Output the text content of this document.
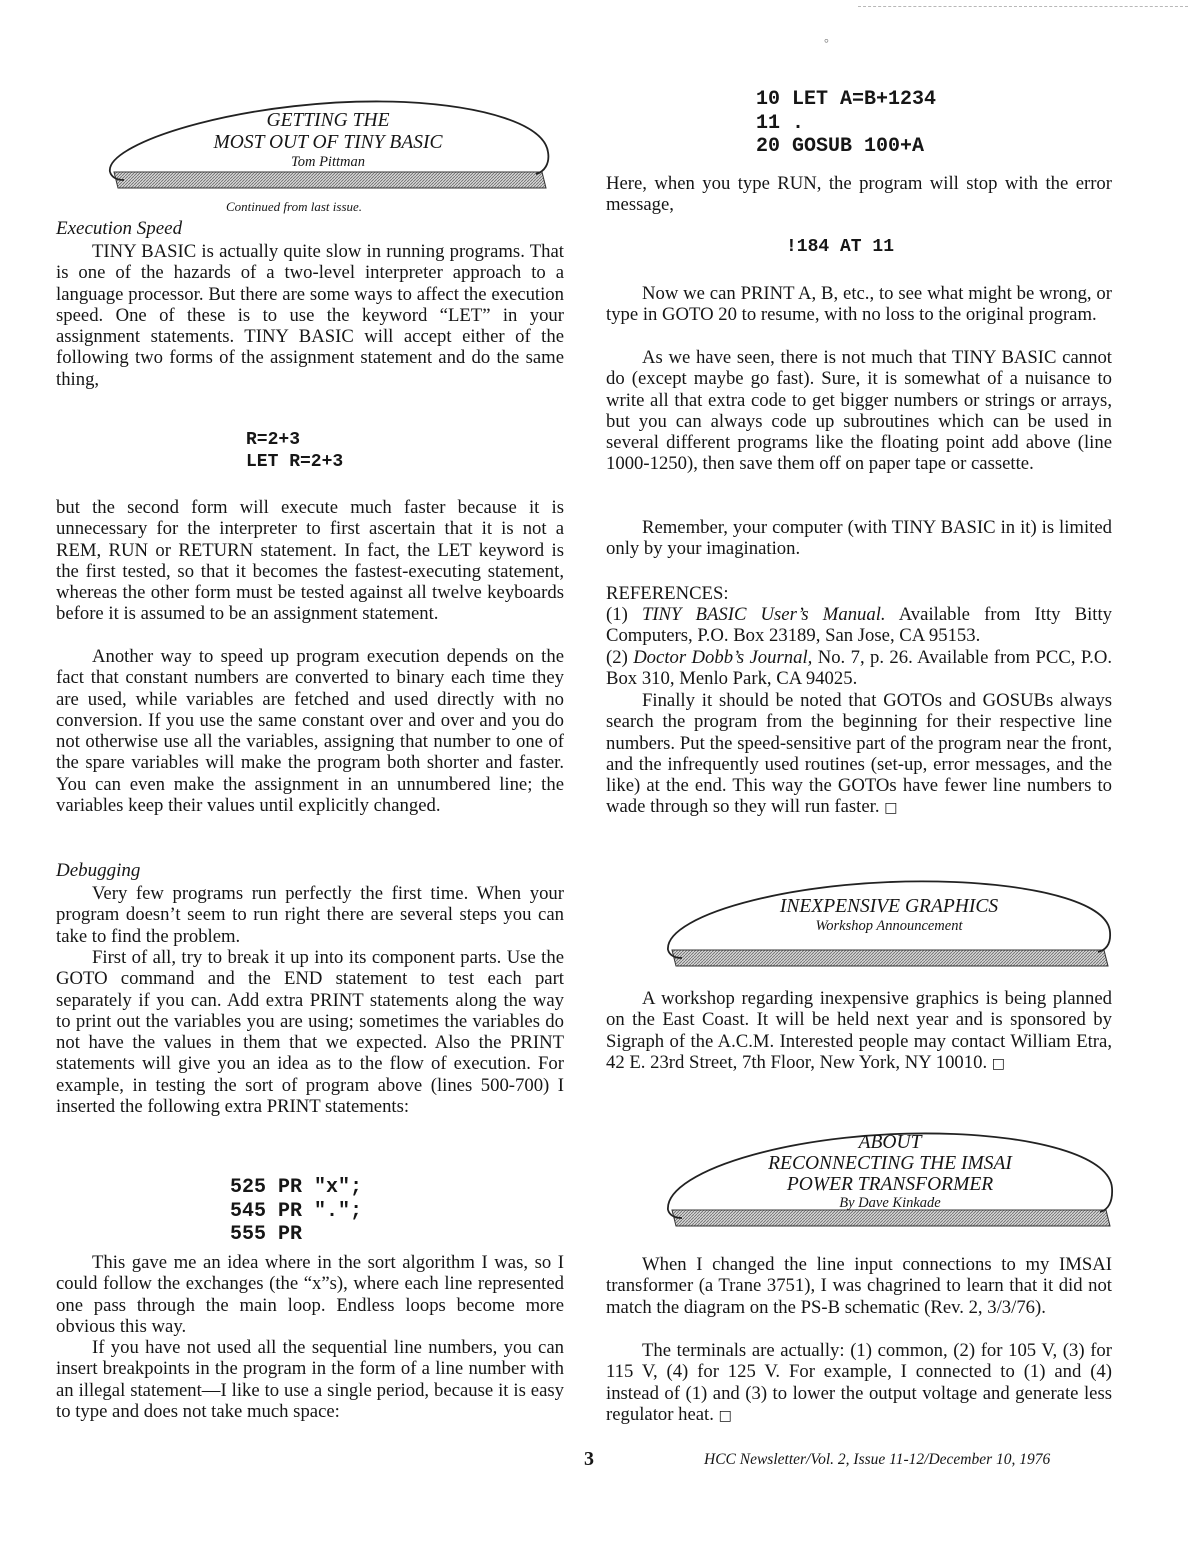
°
GETTING THE
MOST OUT OF TINY BASIC
Tom Pittman
Continued from last issue.
Execution Speed

TINY BASIC is actually quite slow in running programs. That is one of the hazards of a two-level interpreter approach to a language processor. But there are some ways to affect the execution speed. One of these is to use the keyword “LET” in your assignment statements. TINY BASIC will accept either of the following two forms of the assignment statement and do the same thing,

R=2+3
LET R=2+3

but the second form will execute much faster because it is unnecessary for the interpreter to first ascertain that it is not a REM, RUN or RETURN statement. In fact, the LET keyword is the first tested, so that it becomes the fastest-executing statement, whereas the other form must be tested against all twelve keyboards before it is assumed to be an assignment statement.

Another way to speed up program execution depends on the fact that constant numbers are converted to binary each time they are used, while variables are fetched and used directly with no conversion. If you use the same constant over and over and you do not otherwise use all the variables, assigning that number to one of the spare variables will make the program both shorter and faster. You can even make the assignment in an unnumbered line; the variables keep their values until explicitly changed.

Debugging

Very few programs run perfectly the first time. When your program doesn’t seem to run right there are several steps you can take to find the problem.

First of all, try to break it up into its component parts. Use the GOTO command and the END statement to test each part separately if you can. Add extra PRINT statements along the way to print out the variables you are using; sometimes the variables do not have the values in them that we expected. Also the PRINT statements will give you an idea as to the flow of execution. For example, in testing the sort of program above (lines 500-700) I inserted the following extra PRINT statements:

525 PR "x";
545 PR ".";
555 PR

This gave me an idea where in the sort algorithm I was, so I could follow the exchanges (the “x”s), where each line represented one pass through the main loop. Endless loops become more obvious this way.

If you have not used all the sequential line numbers, you can insert breakpoints in the program in the form of a line number with an illegal statement—I like to use a single period, because it is easy to type and does not take much space:

10 LET A=B+1234
11 .
20 GOSUB 100+A

Here, when you type RUN, the program will stop with the error message,

!184 AT 11

Now we can PRINT A, B, etc., to see what might be wrong, or type in GOTO 20 to resume, with no loss to the original program.

As we have seen, there is not much that TINY BASIC cannot do (except maybe go fast). Sure, it is somewhat of a nuisance to write all that extra code to get bigger numbers or strings or arrays, but you can always code up subroutines which can be used in several different programs like the floating point add above (line 1000-1250), then save them off on paper tape or cassette.

Remember, your computer (with TINY BASIC in it) is limited only by your imagination.

REFERENCES:

(1) TINY BASIC User’s Manual. Available from Itty Bitty Computers, P.O. Box 23189, San Jose, CA 95153.

(2) Doctor Dobb’s Journal, No. 7, p. 26. Available from PCC, P.O. Box 310, Menlo Park, CA 94025.

Finally it should be noted that GOTOs and GOSUBs always search the program from the beginning for their respective line numbers. Put the speed-sensitive part of the program near the front, and the infrequently used routines (set-up, error messages, and the like) at the end. This way the GOTOs have fewer line numbers to wade through so they will run faster. □

INEXPENSIVE GRAPHICS
Workshop Announcement

A workshop regarding inexpensive graphics is being planned on the East Coast. It will be held next year and is sponsored by Sigraph of the A.C.M. Interested people may contact William Etra, 42 E. 23rd Street, 7th Floor, New York, NY 10010. □

ABOUT
RECONNECTING THE IMSAI
POWER TRANSFORMER
By Dave Kinkade

When I changed the line input connections to my IMSAI transformer (a Trane 3751), I was chagrined to learn that it did not match the diagram on the PS-B schematic (Rev. 2, 3/3/76).

The terminals are actually: (1) common, (2) for 105 V, (3) for 115 V, (4) for 125 V. For example, I connected to (1) and (4) instead of (1) and (3) to lower the output voltage and generate less regulator heat. □

3	HCC Newsletter/Vol. 2, Issue 11-12/December 10, 1976
